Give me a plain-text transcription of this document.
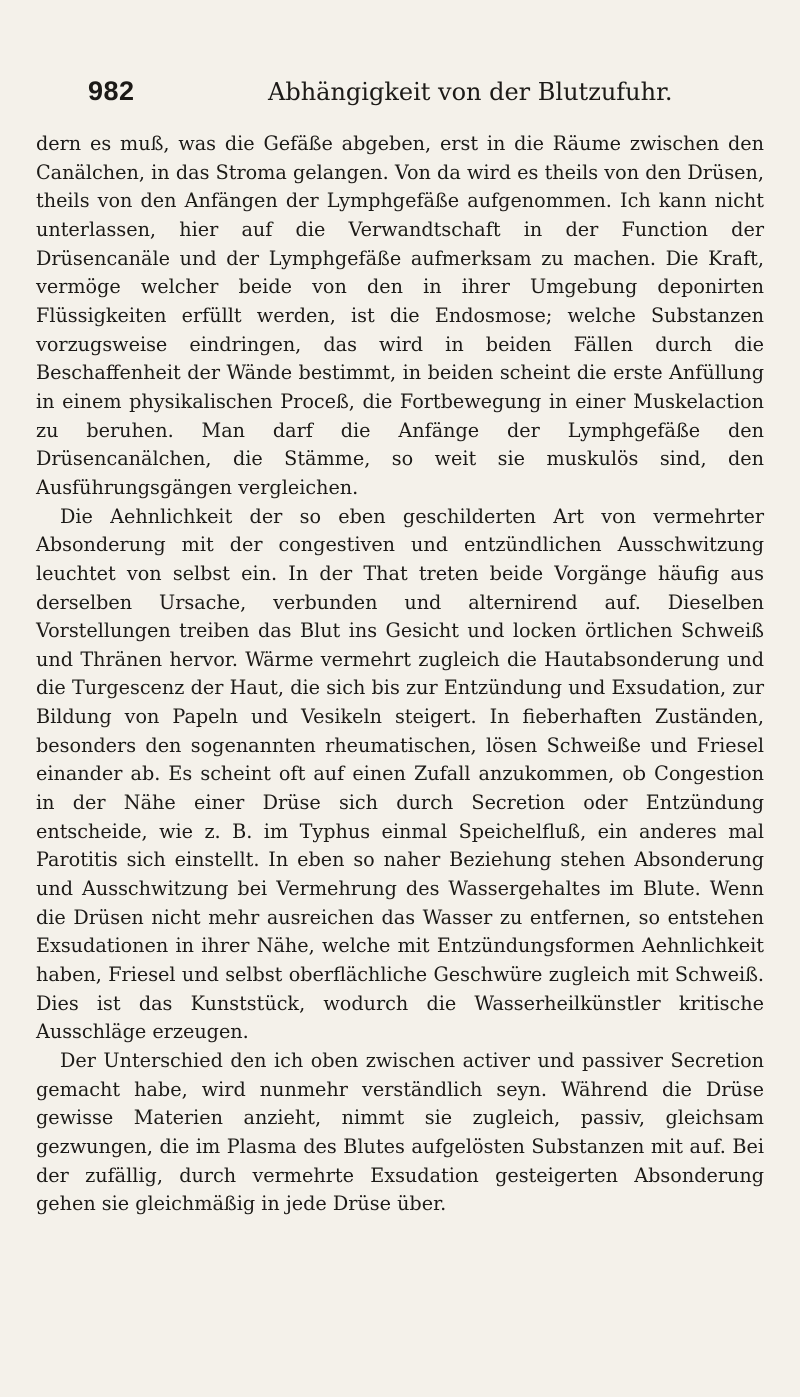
982	Abhängigkeit von der Blutzufuhr.

dern es muß, was die Gefäße abgeben, erst in die Räume zwischen den Canälchen, in das Stroma gelangen. Von da wird es theils von den Drüsen, theils von den Anfängen der Lymphgefäße aufgenommen. Ich kann nicht unterlassen, hier auf die Verwandtschaft in der Function der Drüsencanäle und der Lymphgefäße aufmerksam zu machen. Die Kraft, vermöge welcher beide von den in ihrer Umgebung deponirten Flüssigkeiten erfüllt werden, ist die Endosmose; welche Substanzen vorzugsweise eindringen, das wird in beiden Fällen durch die Beschaffenheit der Wände bestimmt, in beiden scheint die erste Anfüllung in einem physikalischen Proceß, die Fortbewegung in einer Muskelaction zu beruhen. Man darf die Anfänge der Lymphgefäße den Drüsencanälchen, die Stämme, so weit sie muskulös sind, den Ausführungsgängen vergleichen.

Die Aehnlichkeit der so eben geschilderten Art von vermehrter Absonderung mit der congestiven und entzündlichen Ausschwitzung leuchtet von selbst ein. In der That treten beide Vorgänge häufig aus derselben Ursache, verbunden und alternirend auf. Dieselben Vorstellungen treiben das Blut ins Gesicht und locken örtlichen Schweiß und Thränen hervor. Wärme vermehrt zugleich die Hautabsonderung und die Turgescenz der Haut, die sich bis zur Entzündung und Exsudation, zur Bildung von Papeln und Vesikeln steigert. In fieberhaften Zuständen, besonders den sogenannten rheumatischen, lösen Schweiße und Friesel einander ab. Es scheint oft auf einen Zufall anzukommen, ob Congestion in der Nähe einer Drüse sich durch Secretion oder Entzündung entscheide, wie z. B. im Typhus einmal Speichelfluß, ein anderes mal Parotitis sich einstellt. In eben so naher Beziehung stehen Absonderung und Ausschwitzung bei Vermehrung des Wassergehaltes im Blute. Wenn die Drüsen nicht mehr ausreichen das Wasser zu entfernen, so entstehen Exsudationen in ihrer Nähe, welche mit Entzündungsformen Aehnlichkeit haben, Friesel und selbst oberflächliche Geschwüre zugleich mit Schweiß. Dies ist das Kunststück, wodurch die Wasserheilkünstler kritische Ausschläge erzeugen.

Der Unterschied den ich oben zwischen activer und passiver Secretion gemacht habe, wird nunmehr verständlich seyn. Während die Drüse gewisse Materien anzieht, nimmt sie zugleich, passiv, gleichsam gezwungen, die im Plasma des Blutes aufgelösten Substanzen mit auf. Bei der zufällig, durch vermehrte Exsudation gesteigerten Absonderung gehen sie gleichmäßig in jede Drüse über.
